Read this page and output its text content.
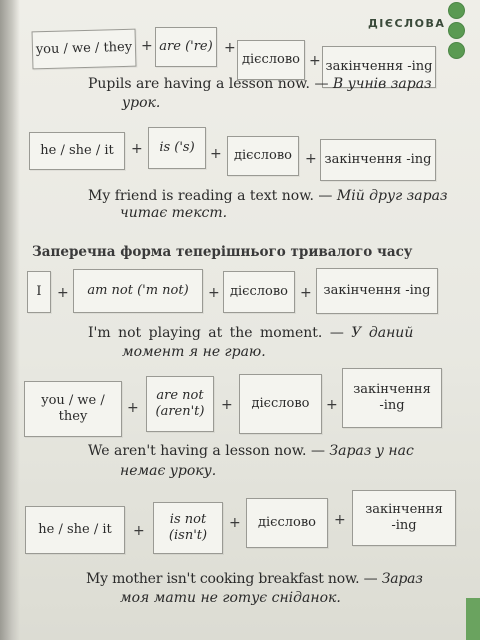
ДІЄСЛОВА
you / we / they + are ('re) +
дієслово + закінчення -ing
Pupils are having a lesson now. — В учнів зараз
урок.
he / she / it + is ('s) + дієслово + закінчення -ing
My friend is reading a text now. — Мій друг зараз
читає текст.
Заперечна форма теперішнього тривалого часу
I + am not ('m not) + дієслово + закінчення -ing
I'm not playing at the moment. — У даний
момент я не граю.
you / we /
they
+
are not
(aren't) + дієслово +
закінчення
-ing
We aren't having a lesson now. — Зараз у нас
немає уроку.
he / she / it +
is not
(isn't)
+ дієслово +
закінчення
-ing
My mother isn't cooking breakfast now. — Зараз
моя мати не готує сніданок.
